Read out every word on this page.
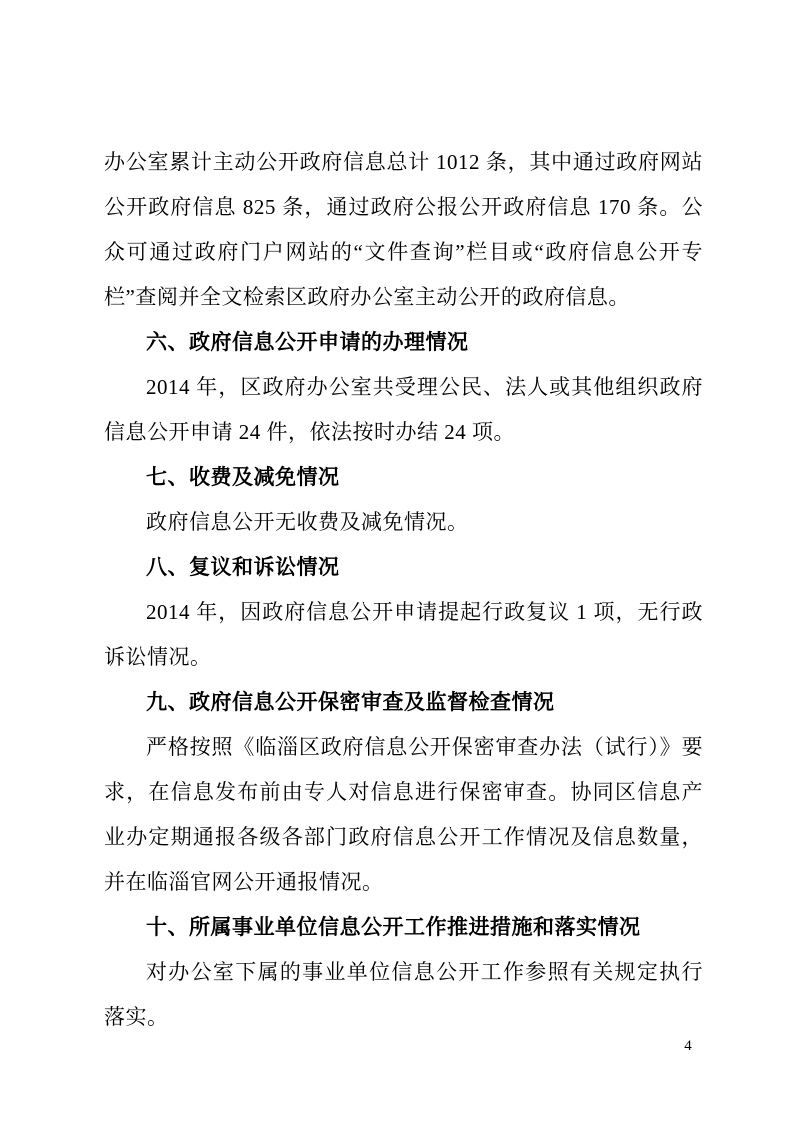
办公室累计主动公开政府信息总计 1012 条，其中通过政府网站公开政府信息 825 条，通过政府公报公开政府信息 170 条。公众可通过政府门户网站的“文件查询”栏目或“政府信息公开专栏”查阅并全文检索区政府办公室主动公开的政府信息。

六、政府信息公开申请的办理情况

2014 年，区政府办公室共受理公民、法人或其他组织政府信息公开申请 24 件，依法按时办结 24 项。

七、收费及减免情况

政府信息公开无收费及减免情况。

八、复议和诉讼情况

2014 年，因政府信息公开申请提起行政复议 1 项，无行政诉讼情况。

九、政府信息公开保密审查及监督检查情况

严格按照《临淄区政府信息公开保密审查办法（试行）》要求，在信息发布前由专人对信息进行保密审查。协同区信息产业办定期通报各级各部门政府信息公开工作情况及信息数量，并在临淄官网公开通报情况。

十、所属事业单位信息公开工作推进措施和落实情况

对办公室下属的事业单位信息公开工作参照有关规定执行落实。

4
